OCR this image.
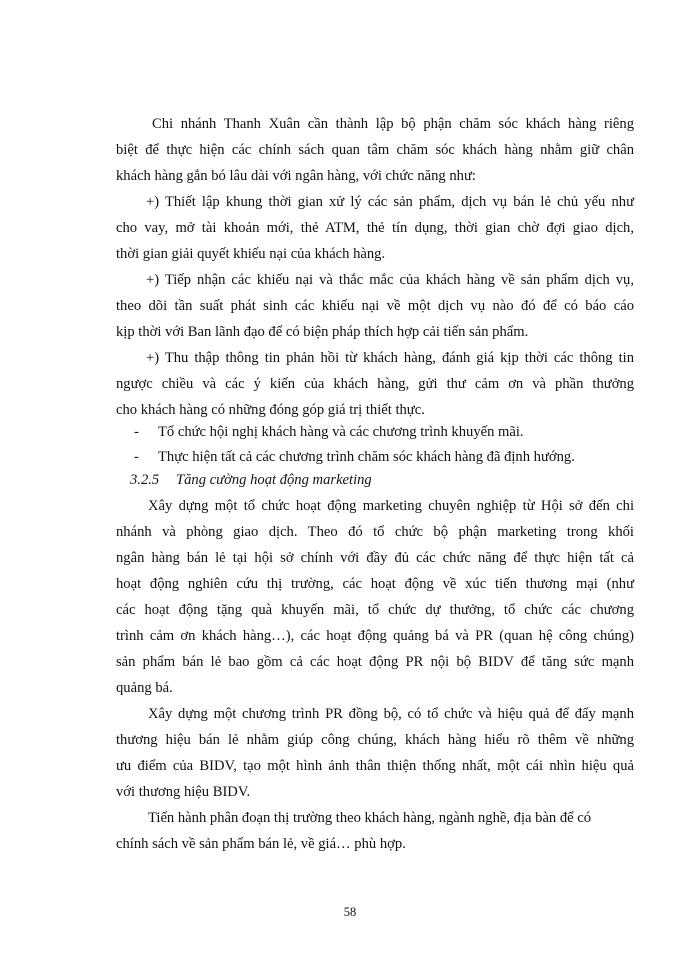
Chi nhánh Thanh Xuân cần thành lập bộ phận chăm sóc khách hàng riêng
biệt để thực hiện các chính sách quan tâm chăm sóc khách hàng nhằm giữ chân
khách hàng gắn bó lâu dài với ngân hàng, với chức năng như:
+) Thiết lập khung thời gian xử lý các sản phẩm, dịch vụ bán lẻ chủ yếu như
cho vay, mở tài khoản mới, thẻ ATM, thẻ tín dụng, thời gian chờ đợi giao dịch,
thời gian giải quyết khiếu nại của khách hàng.
+) Tiếp nhận các khiếu nại và thắc mắc của khách hàng về sản phẩm dịch vụ,
theo dõi tần suất phát sinh các khiếu nại về một dịch vụ nào đó để có báo cáo
kịp thời với Ban lãnh đạo để có biện pháp thích hợp cải tiến sản phẩm.
+) Thu thập thông tin phản hồi từ khách hàng, đánh giá kịp thời các thông tin
ngược chiều và các ý kiến của khách hàng, gửi thư cảm ơn và phần thưởng
cho khách hàng có những đóng góp giá trị thiết thực.
- Tổ chức hội nghị khách hàng và các chương trình khuyến mãi.
- Thực hiện tất cả các chương trình chăm sóc khách hàng đã định hướng.
3.2.5 Tăng cường hoạt động marketing
Xây dựng một tổ chức hoạt động marketing chuyên nghiệp từ Hội sở đến chi
nhánh và phòng giao dịch. Theo đó tổ chức bộ phận marketing trong khối
ngân hàng bán lẻ tại hội sở chính với đầy đủ các chức năng để thực hiện tất cả
hoạt động nghiên cứu thị trường, các hoạt động về xúc tiến thương mại (như
các hoạt động tặng quà khuyến mãi, tổ chức dự thưởng, tổ chức các chương
trình cảm ơn khách hàng…), các hoạt động quảng bá và PR (quan hệ công chúng)
sản phẩm bán lẻ bao gồm cả các hoạt động PR nội bộ BIDV để tăng sức mạnh
quảng bá.
Xây dựng một chương trình PR đồng bộ, có tổ chức và hiệu quả để đẩy mạnh
thương hiệu bán lẻ nhằm giúp công chúng, khách hàng hiểu rõ thêm về những
ưu điểm của BIDV, tạo một hình ảnh thân thiện thống nhất, một cái nhìn hiệu quả
với thương hiệu BIDV.
Tiến hành phân đoạn thị trường theo khách hàng, ngành nghề, địa bàn để có
chính sách về sản phẩm bán lẻ, về giá… phù hợp.
58
